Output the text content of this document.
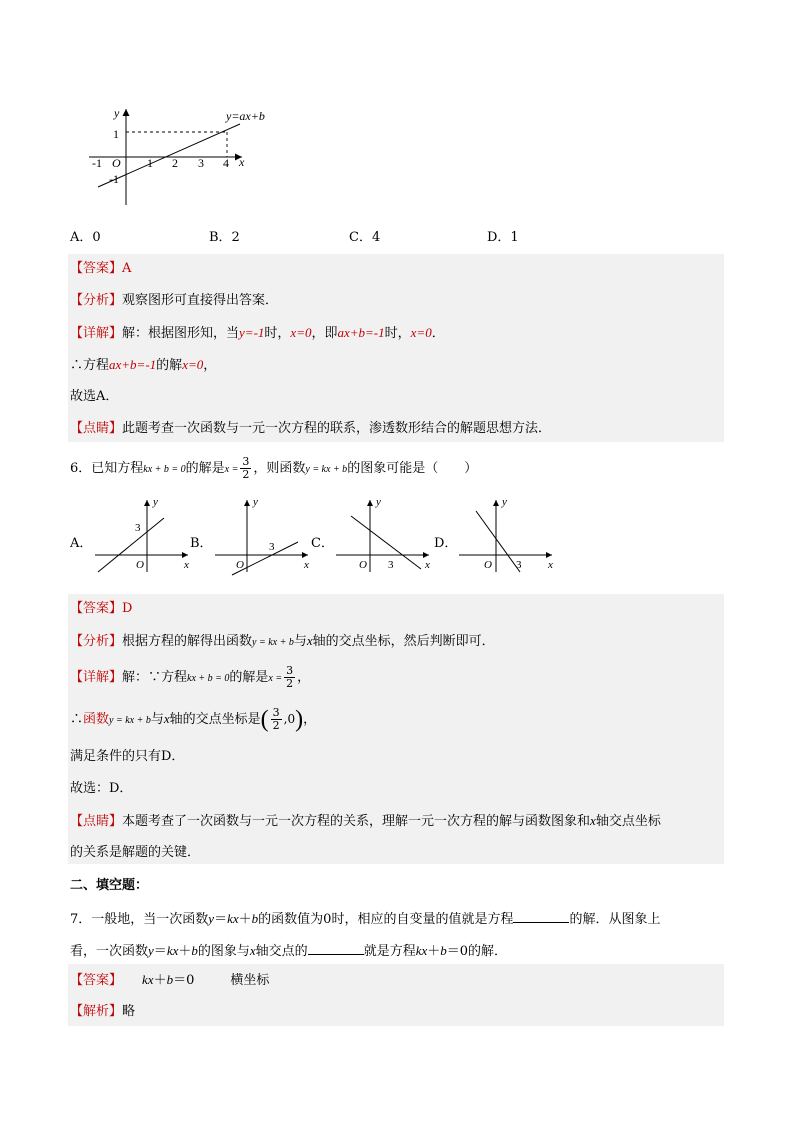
y
x
y=ax+b
1
-1
-1 O 1 2 3 4
A．0	B．2	C．4	D．1
【答案】A
【分析】观察图形可直接得出答案．
【详解】解：根据图形知，当y=-1时，x=0，即ax+b=-1时，x=0．
∴方程ax+b=-1的解x=0，
故选A．
【点睛】此题考查一次函数与一元一次方程的联系，渗透数形结合的解题思想方法．
6．已知方程kx + b = 0的解是$x = \frac{3}{2}$ ，则函数y = kx + b的图象可能是（　　）
A．
y
x
O
3
B．
y
x
O
3	C．
y
x
O 3
D．
y
x
O 3
【答案】D
【分析】根据方程的解得出函数y = kx + b与x轴的交点坐标，然后判断即可．
【详解】解：∵方程kx + b = 0的解是$x = \frac{3}{2}$ ，
∴函数y = kx + b与x轴的交点坐标是( $\frac{3}{2} ,0$)，
满足条件的只有D．
故选：D．
【点睛】本题考查了一次函数与一元一次方程的关系，理解一元一次方程的解与函数图象和x轴交点坐标
的关系是解题的关键．
二、填空题：
7．一般地，当一次函数y＝kx＋b的函数值为0时，相应的自变量的值就是方程	的解．从图象上
看，一次函数y＝kx＋b的图象与x轴交点的	就是方程kx＋b＝0的解．
【答案】 kx＋b＝0	横坐标
【解析】略
